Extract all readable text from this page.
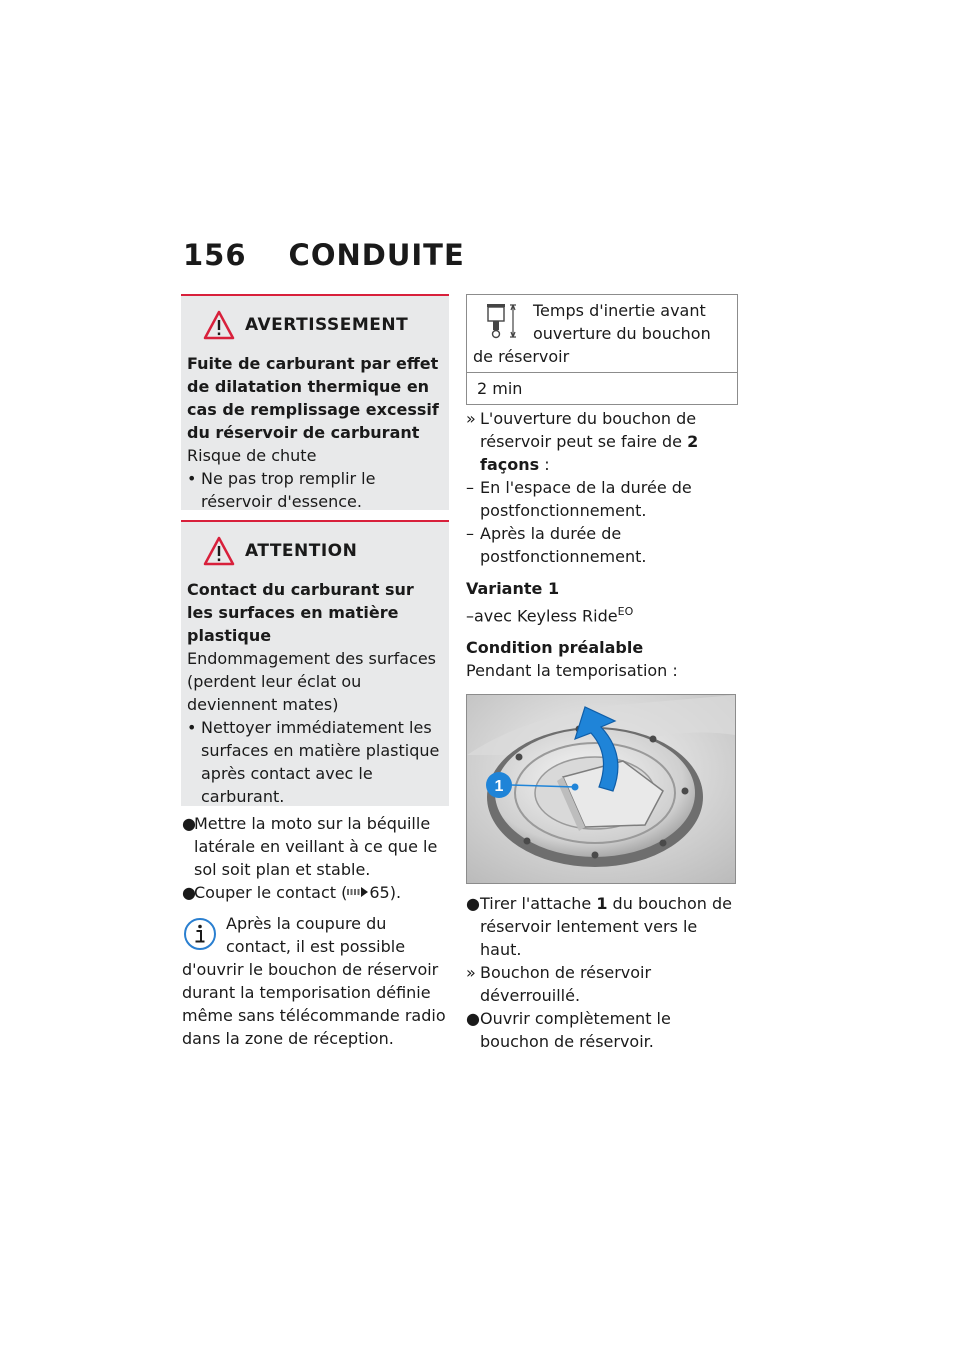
156 CONDUITE
AVERTISSEMENT
Fuite de carburant par effet
de dilatation thermique en
cas de remplissage excessif
du réservoir de carburant
Risque de chute
• Ne pas trop remplir le réservoir d'essence.
ATTENTION
Contact du carburant sur les surfaces en matière plastique
Endommagement des surfaces (perdent leur éclat ou deviennent mates)
• Nettoyer immédiatement les surfaces en matière plastique après contact avec le carburant.
●
Mettre la moto sur la béquille latérale en veillant à ce que le sol soit plan et stable.
●
Couper le contact ( 65).
Après la coupure du contact, il est possible d'ouvrir le bouchon de réservoir durant la temporisation définie même sans télécommande radio dans la zone de réception.
Temps d'inertie avant ouverture du bouchon de réservoir
2 min
» L'ouverture du bouchon de réservoir peut se faire de 2 façons :
– En l'espace de la durée de postfonctionnement.
– Après la durée de postfonctionnement.
Variante 1
–avec Keyless Ride$^{EO}$
Condition préalable
Pendant la temporisation :
1
● Tirer l'attache 1 du bouchon de réservoir lentement vers le haut.
» Bouchon de réservoir déverrouillé.
● Ouvrir complètement le bouchon de réservoir.
